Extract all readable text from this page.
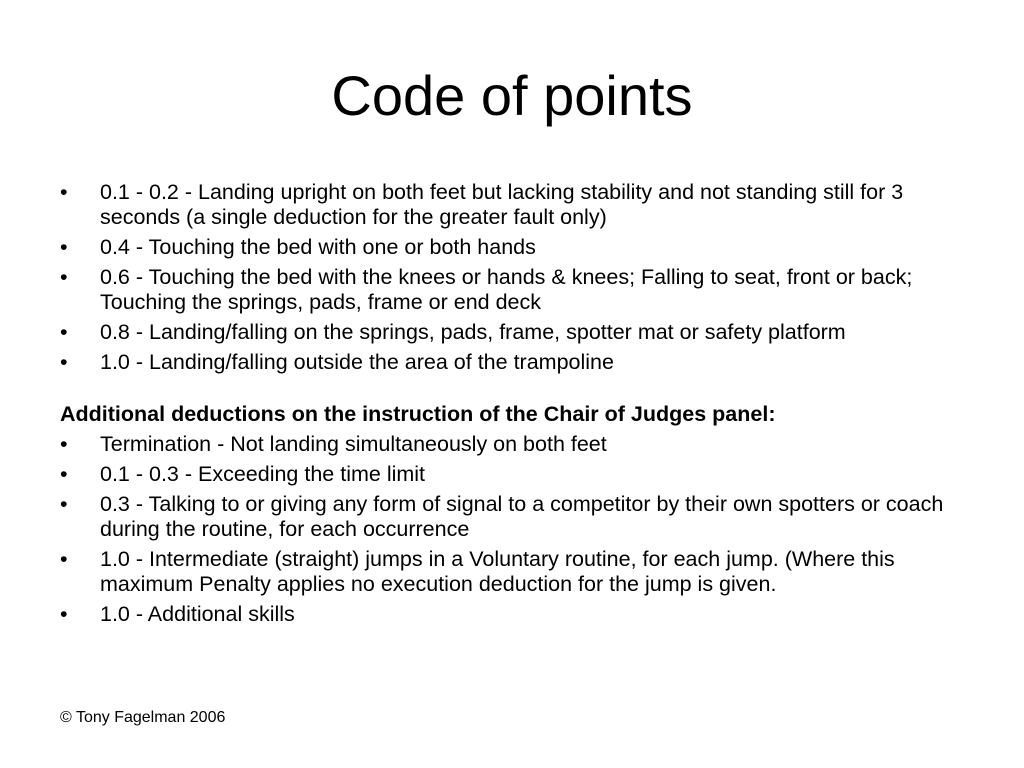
Code of points
•	0.1 - 0.2 - Landing upright on both feet but lacking stability and not standing still for 3 seconds (a single deduction for the greater fault only)
•	0.4 - Touching the bed with one or both hands
•	0.6 - Touching the bed with the knees or hands & knees; Falling to seat, front or back; Touching the springs, pads, frame or end deck
•	0.8 - Landing/falling on the springs, pads, frame, spotter mat or safety platform
•	1.0 - Landing/falling outside the area of the trampoline
Additional deductions on the instruction of the Chair of Judges panel:
•	Termination - Not landing simultaneously on both feet
•	0.1 - 0.3 - Exceeding the time limit
•	0.3 - Talking to or giving any form of signal to a competitor by their own spotters or coach during the routine, for each occurrence
•	1.0 - Intermediate (straight) jumps in a Voluntary routine, for each jump. (Where this maximum Penalty applies no execution deduction for the jump is given.
•	1.0 - Additional skills
© Tony Fagelman 2006
